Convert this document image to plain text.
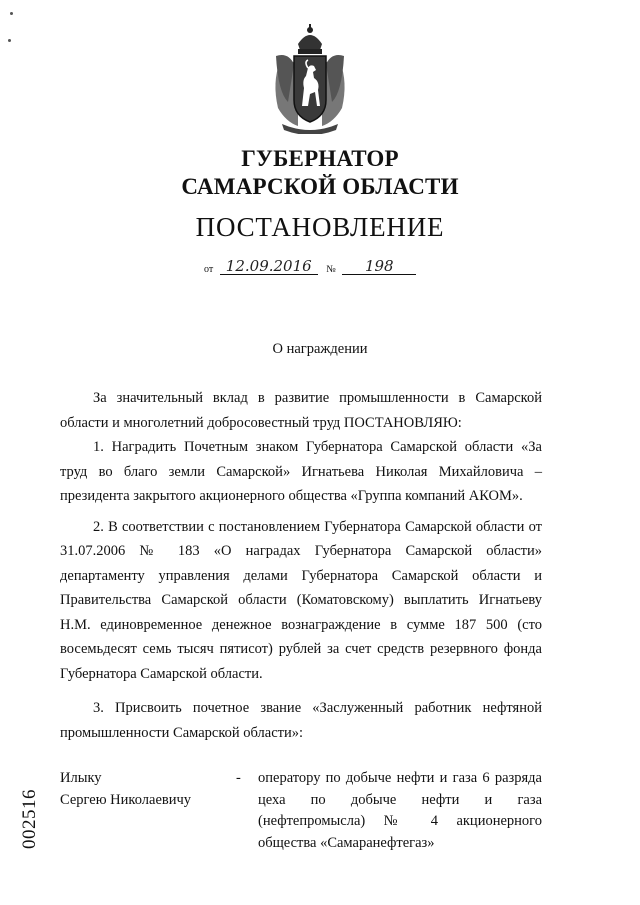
ГУБЕРНАТОР
САМАРСКОЙ ОБЛАСТИ
ПОСТАНОВЛЕНИЕ
от 12.09.2016 № 198
О награждении

За значительный вклад в развитие промышленности в Самарской области и многолетний добросовестный труд ПОСТАНОВЛЯЮ:

1. Наградить Почетным знаком Губернатора Самарской области «За труд во благо земли Самарской» Игнатьева Николая Михайловича – президента закрытого акционерного общества «Группа компаний АКОМ».

2. В соответствии с постановлением Губернатора Самарской области от 31.07.2006 № 183 «О наградах Губернатора Самарской области» департаменту управления делами Губернатора Самарской области и Правительства Самарской области (Коматовскому) выплатить Игнатьеву Н.М. единовременное денежное вознаграждение в сумме 187 500 (сто восемьдесят семь тысяч пятисот) рублей за счет средств резервного фонда Губернатора Самарской области.

3. Присвоить почетное звание «Заслуженный работник нефтяной промышленности Самарской области»:

Илыку
Сергею Николаевичу
- оператору по добыче нефти и газа 6 разряда цеха по добыче нефти и газа (нефтепромысла) № 4 акционерного общества «Самаранефтегаз»
002516
